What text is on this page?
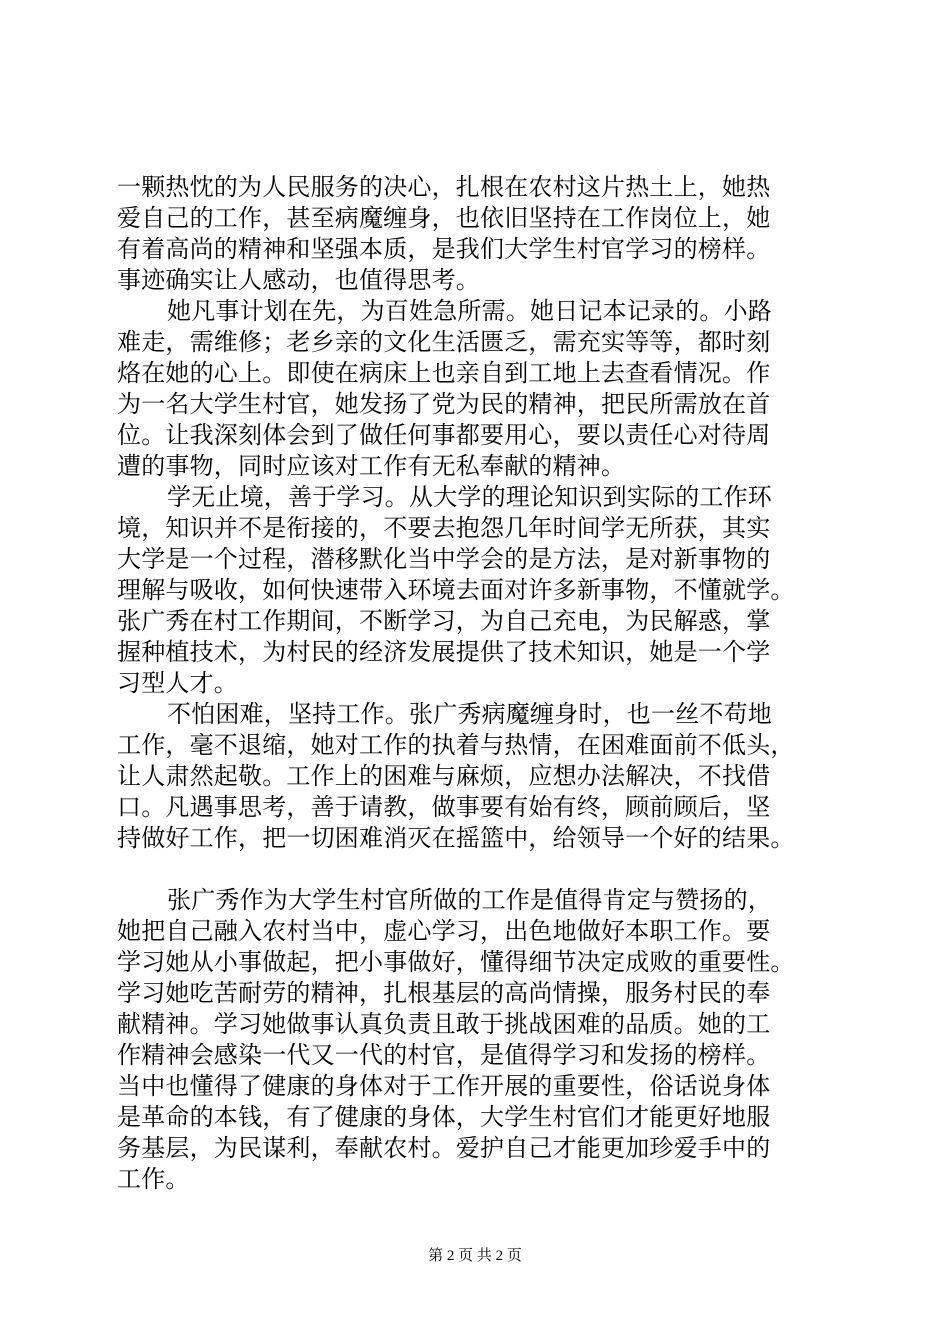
一颗热忱的为人民服务的决心，扎根在农村这片热土上，她热
爱自己的工作，甚至病魔缠身，也依旧坚持在工作岗位上，她
有着高尚的精神和坚强本质，是我们大学生村官学习的榜样。
事迹确实让人感动，也值得思考。
她凡事计划在先，为百姓急所需。她日记本记录的。小路
难走，需维修；老乡亲的文化生活匮乏，需充实等等，都时刻
烙在她的心上。即使在病床上也亲自到工地上去查看情况。作
为一名大学生村官，她发扬了党为民的精神，把民所需放在首
位。让我深刻体会到了做任何事都要用心，要以责任心对待周
遭的事物，同时应该对工作有无私奉献的精神。
学无止境，善于学习。从大学的理论知识到实际的工作环
境，知识并不是衔接的，不要去抱怨几年时间学无所获，其实
大学是一个过程，潜移默化当中学会的是方法，是对新事物的
理解与吸收，如何快速带入环境去面对许多新事物，不懂就学。
张广秀在村工作期间，不断学习，为自己充电，为民解惑，掌
握种植技术，为村民的经济发展提供了技术知识，她是一个学
习型人才。
不怕困难，坚持工作。张广秀病魔缠身时，也一丝不苟地
工作，毫不退缩，她对工作的执着与热情，在困难面前不低头，
让人肃然起敬。工作上的困难与麻烦，应想办法解决，不找借
口。凡遇事思考，善于请教，做事要有始有终，顾前顾后，坚
持做好工作，把一切困难消灭在摇篮中，给领导一个好的结果。
张广秀作为大学生村官所做的工作是值得肯定与赞扬的，
她把自己融入农村当中，虚心学习，出色地做好本职工作。要
学习她从小事做起，把小事做好，懂得细节决定成败的重要性。
学习她吃苦耐劳的精神，扎根基层的高尚情操，服务村民的奉
献精神。学习她做事认真负责且敢于挑战困难的品质。她的工
作精神会感染一代又一代的村官，是值得学习和发扬的榜样。
当中也懂得了健康的身体对于工作开展的重要性，俗话说身体
是革命的本钱，有了健康的身体，大学生村官们才能更好地服
务基层，为民谋利，奉献农村。爱护自己才能更加珍爱手中的
工作。
第 2 页 共 2 页
